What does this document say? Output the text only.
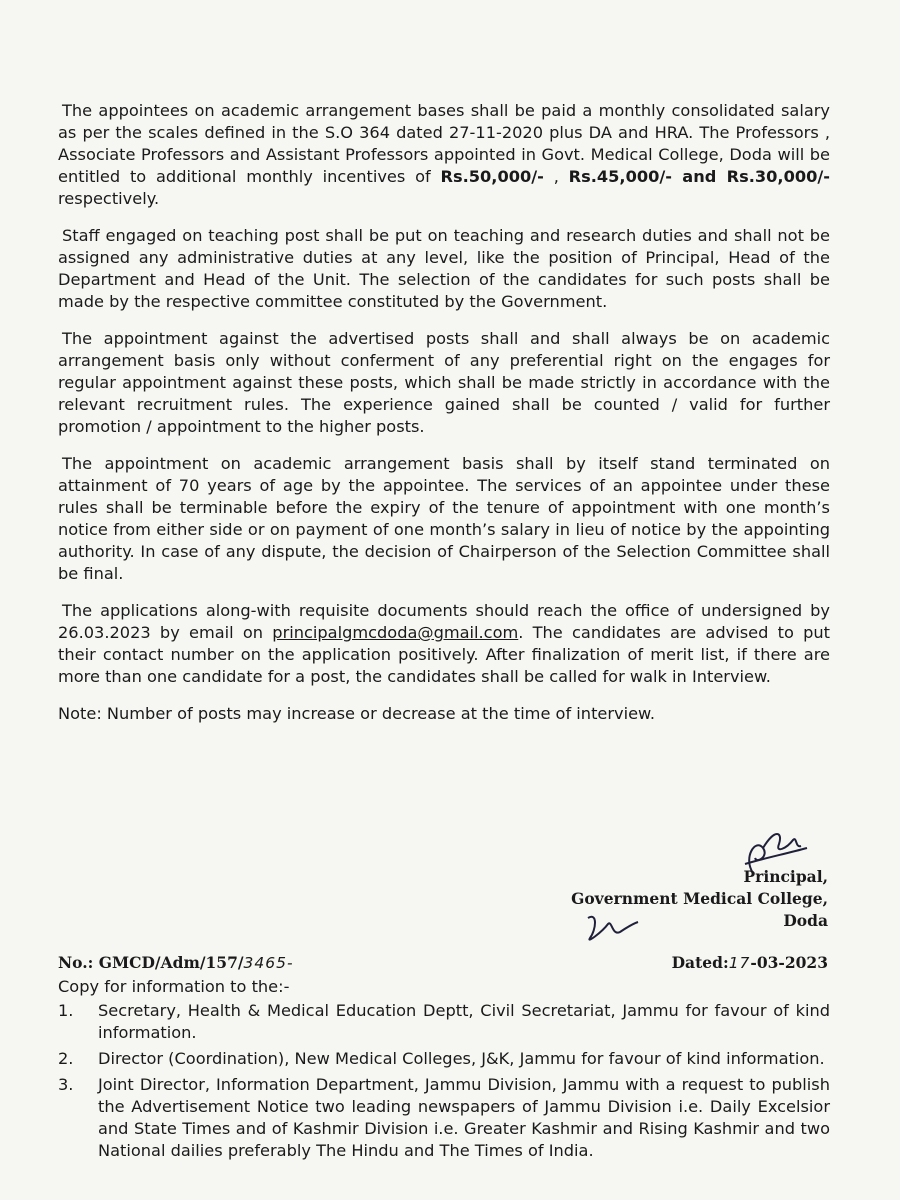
The appointees on academic arrangement bases shall be paid a monthly consolidated salary as per the scales defined in the S.O 364 dated 27-11-2020 plus DA and HRA. The Professors , Associate Professors and Assistant Professors appointed in Govt. Medical College, Doda will be entitled to additional monthly incentives of Rs.50,000/- , Rs.45,000/- and Rs.30,000/- respectively.

Staff engaged on teaching post shall be put on teaching and research duties and shall not be assigned any administrative duties at any level, like the position of Principal, Head of the Department and Head of the Unit. The selection of the candidates for such posts shall be made by the respective committee constituted by the Government.

The appointment against the advertised posts shall and shall always be on academic arrangement basis only without conferment of any preferential right on the engages for regular appointment against these posts, which shall be made strictly in accordance with the relevant recruitment rules. The experience gained shall be counted / valid for further promotion / appointment to the higher posts.

The appointment on academic arrangement basis shall by itself stand terminated on attainment of 70 years of age by the appointee. The services of an appointee under these rules shall be terminable before the expiry of the tenure of appointment with one month’s notice from either side or on payment of one month’s salary in lieu of notice by the appointing authority. In case of any dispute, the decision of Chairperson of the Selection Committee shall be final.

The applications along-with requisite documents should reach the office of undersigned by 26.03.2023 by email on principalgmcdoda@gmail.com. The candidates are advised to put their contact number on the application positively. After finalization of merit list, if there are more than one candidate for a post, the candidates shall be called for walk in Interview.

Note: Number of posts may increase or decrease at the time of interview.

Principal,
Government Medical College,
Doda
No.: GMCD/Adm/157/3465-	Dated:17-03-2023
Copy for information to the:-
1. Secretary, Health & Medical Education Deptt, Civil Secretariat, Jammu for favour of kind information.
2. Director (Coordination), New Medical Colleges, J&K, Jammu for favour of kind information.
3. Joint Director, Information Department, Jammu Division, Jammu with a request to publish the Advertisement Notice two leading newspapers of Jammu Division i.e. Daily Excelsior and State Times and of Kashmir Division i.e. Greater Kashmir and Rising Kashmir and two National dailies preferably The Hindu and The Times of India.
